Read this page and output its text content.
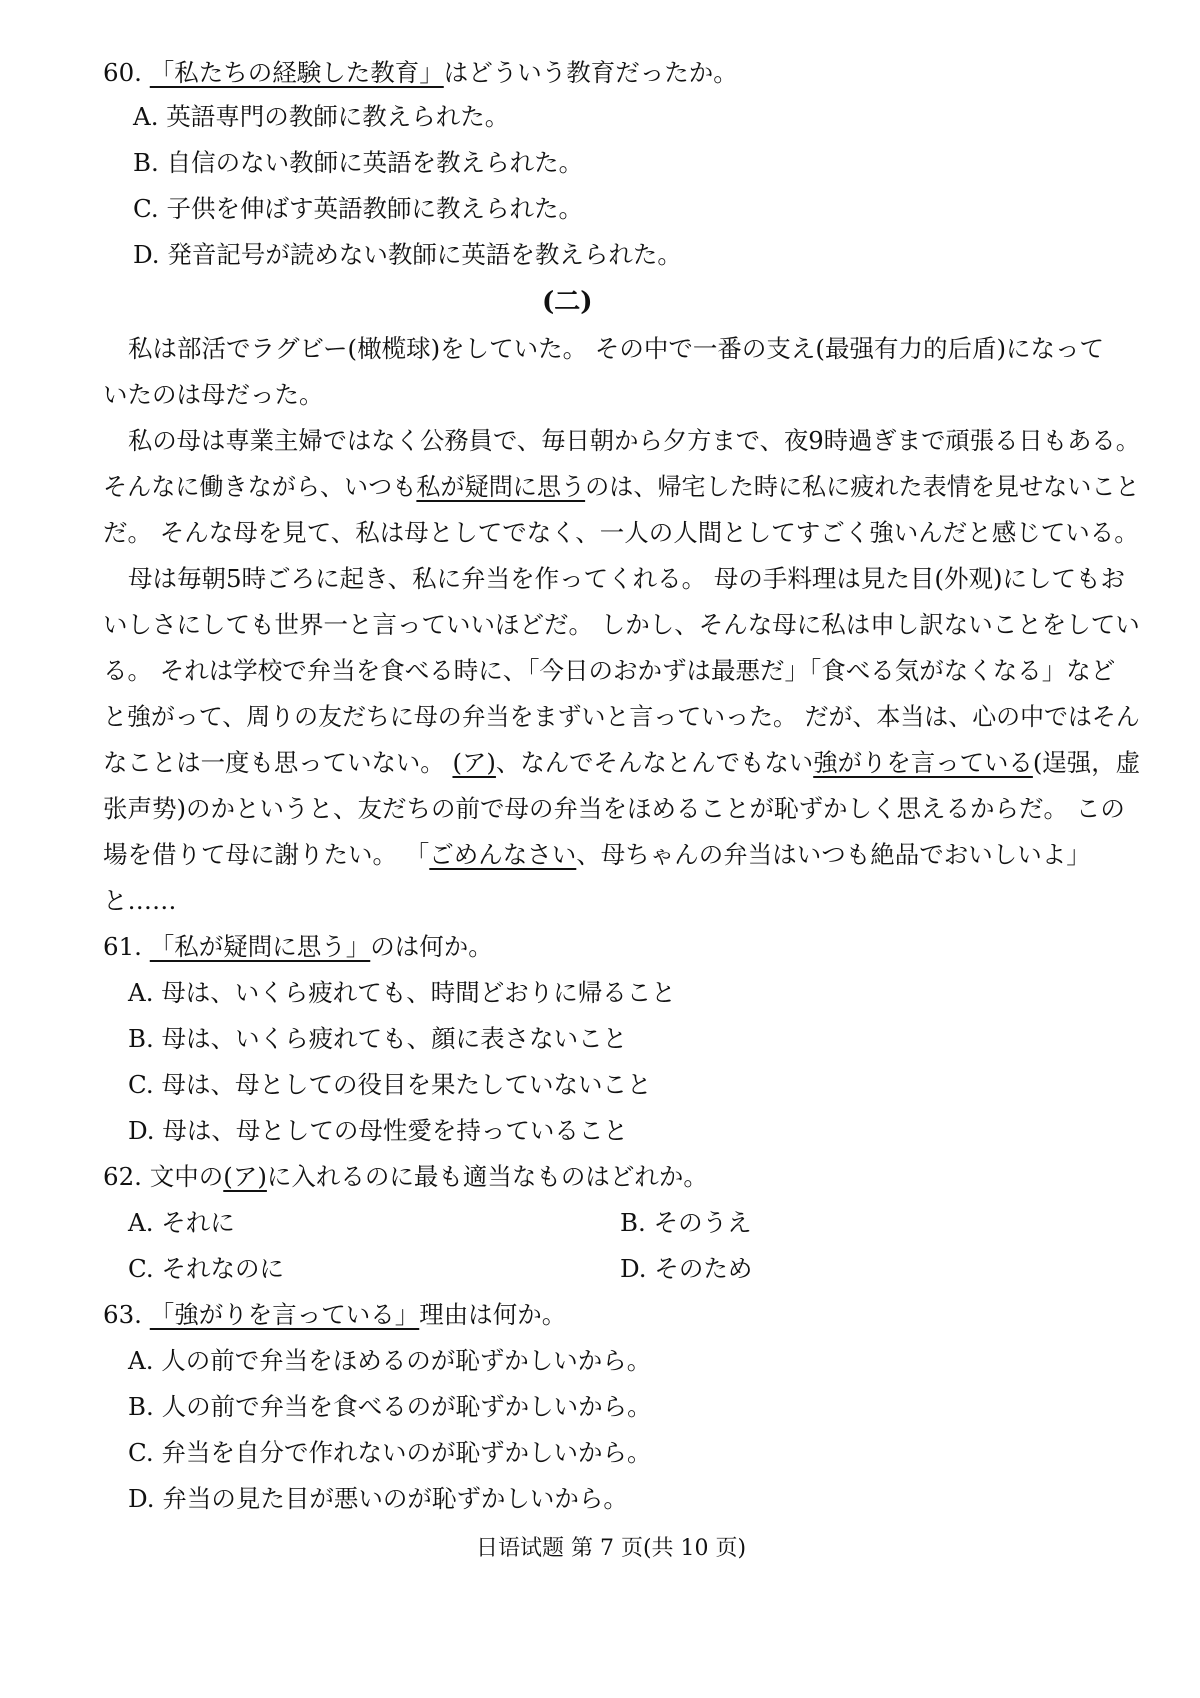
60. 「私たちの経験した教育」はどういう教育だったか。
A. 英語専門の教師に教えられた。
B. 自信のない教師に英語を教えられた。
C. 子供を伸ばす英語教師に教えられた。
D. 発音記号が読めない教師に英語を教えられた。
(二)
私は部活でラグビー(橄榄球)をしていた。 その中で一番の支え(最强有力的后盾)になって
いたのは母だった。
私の母は専業主婦ではなく公務員で、毎日朝から夕方まで、夜9時過ぎまで頑張る日もある。
そんなに働きながら、いつも私が疑問に思うのは、帰宅した時に私に疲れた表情を見せないこと
だ。 そんな母を見て、私は母としてでなく、一人の人間としてすごく強いんだと感じている。
母は毎朝5時ごろに起き、私に弁当を作ってくれる。 母の手料理は見た目(外观)にしてもお
いしさにしても世界一と言っていいほどだ。 しかし、そんな母に私は申し訳ないことをしてい
る。 それは学校で弁当を食べる時に、「今日のおかずは最悪だ」「食べる気がなくなる」など
と強がって、周りの友だちに母の弁当をまずいと言っていった。 だが、本当は、心の中ではそん
なことは一度も思っていない。 (ア)、なんでそんなとんでもない強がりを言っている(逞强，虚
张声势)のかというと、友だちの前で母の弁当をほめることが恥ずかしく思えるからだ。 この
場を借りて母に謝りたい。 「ごめんなさい、母ちゃんの弁当はいつも絶品でおいしいよ」
と……
61. 「私が疑問に思う」のは何か。
A. 母は、いくら疲れても、時間どおりに帰ること
B. 母は、いくら疲れても、顔に表さないこと
C. 母は、母としての役目を果たしていないこと
D. 母は、母としての母性愛を持っていること
62. 文中の(ア)に入れるのに最も適当なものはどれか。
A. それに	B. そのうえ
C. それなのに	D. そのため
63. 「強がりを言っている」理由は何か。
A. 人の前で弁当をほめるのが恥ずかしいから。
B. 人の前で弁当を食べるのが恥ずかしいから。
C. 弁当を自分で作れないのが恥ずかしいから。
D. 弁当の見た目が悪いのが恥ずかしいから。
日语试题 第 7 页(共 10 页)
